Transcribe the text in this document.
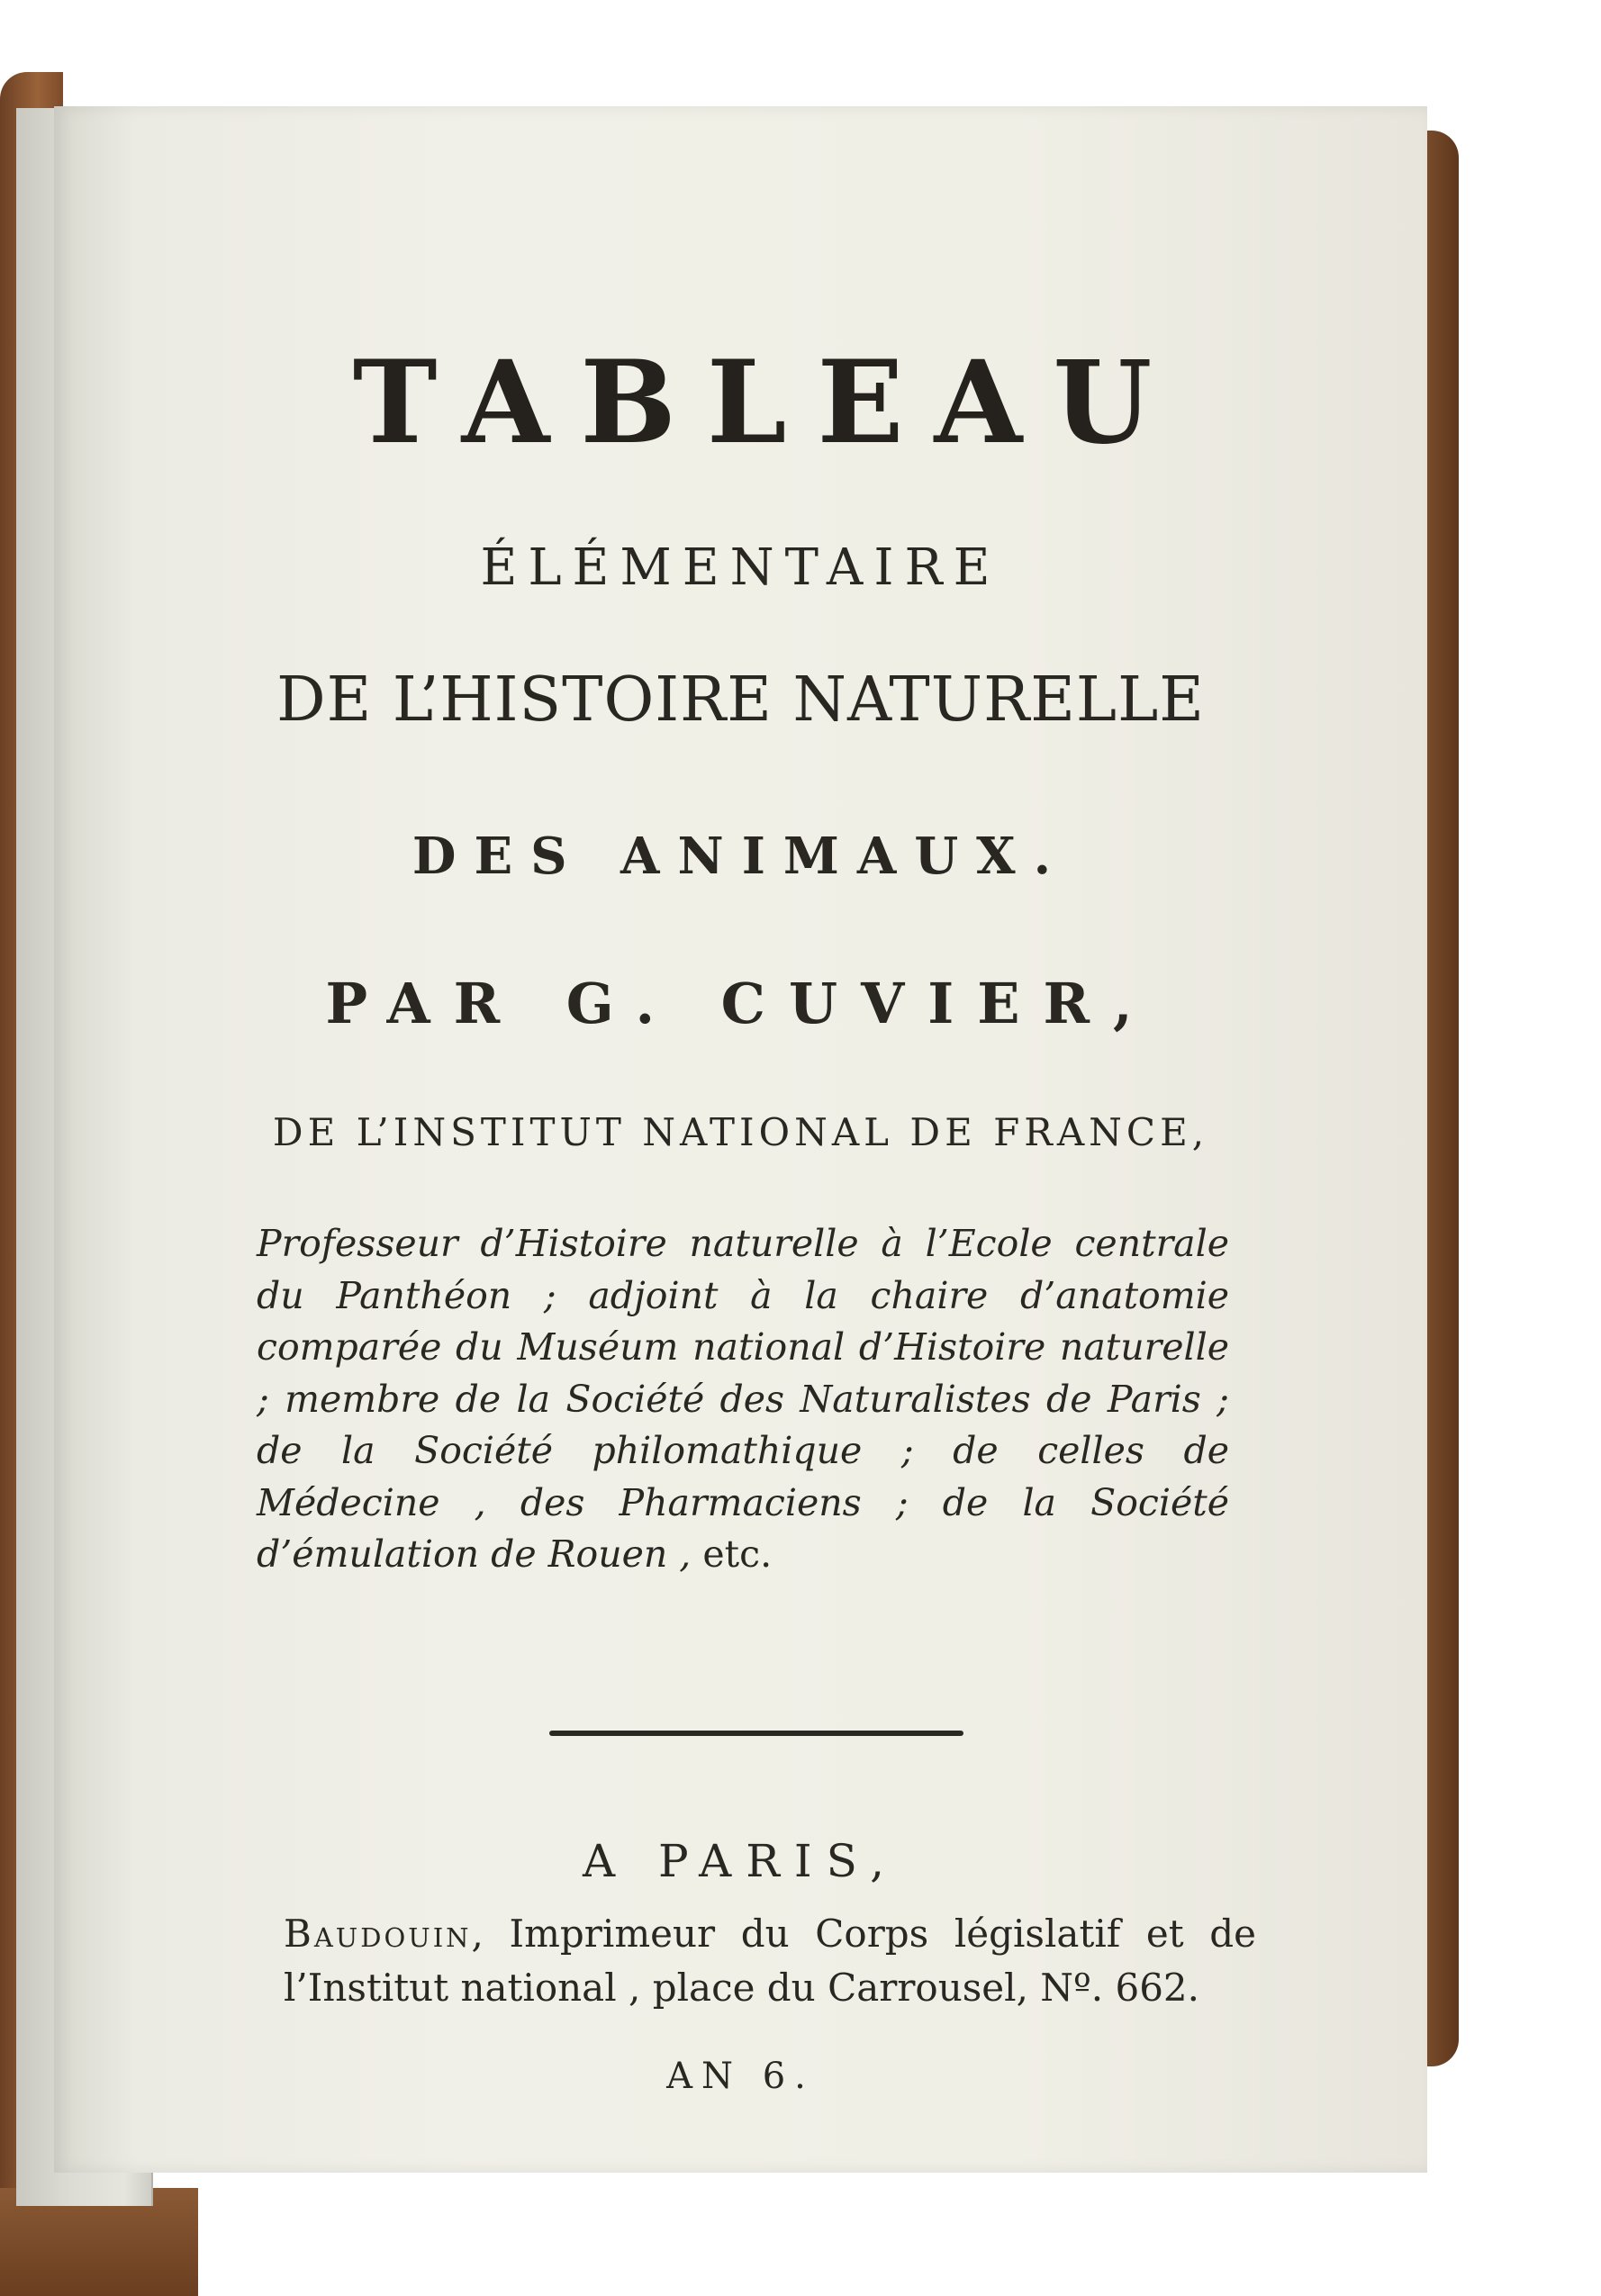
TABLEAU

ÉLÉMENTAIRE

DE L’HISTOIRE NATURELLE

DES ANIMAUX.

PAR G. CUVIER,

DE L’INSTITUT NATIONAL DE FRANCE,

Professeur d’Histoire naturelle à l’Ecole centrale du Panthéon ; adjoint à la chaire d’anatomie comparée du Muséum national d’Histoire naturelle ; membre de la Société des Naturalistes de Paris ; de la Société philomathique ; de celles de Médecine , des Pharmaciens ; de la Société d’émulation de Rouen , etc.

A PARIS,

Baudouin, Imprimeur du Corps législatif et de l’Institut national , place du Carrousel, Nº. 662.

AN 6.
